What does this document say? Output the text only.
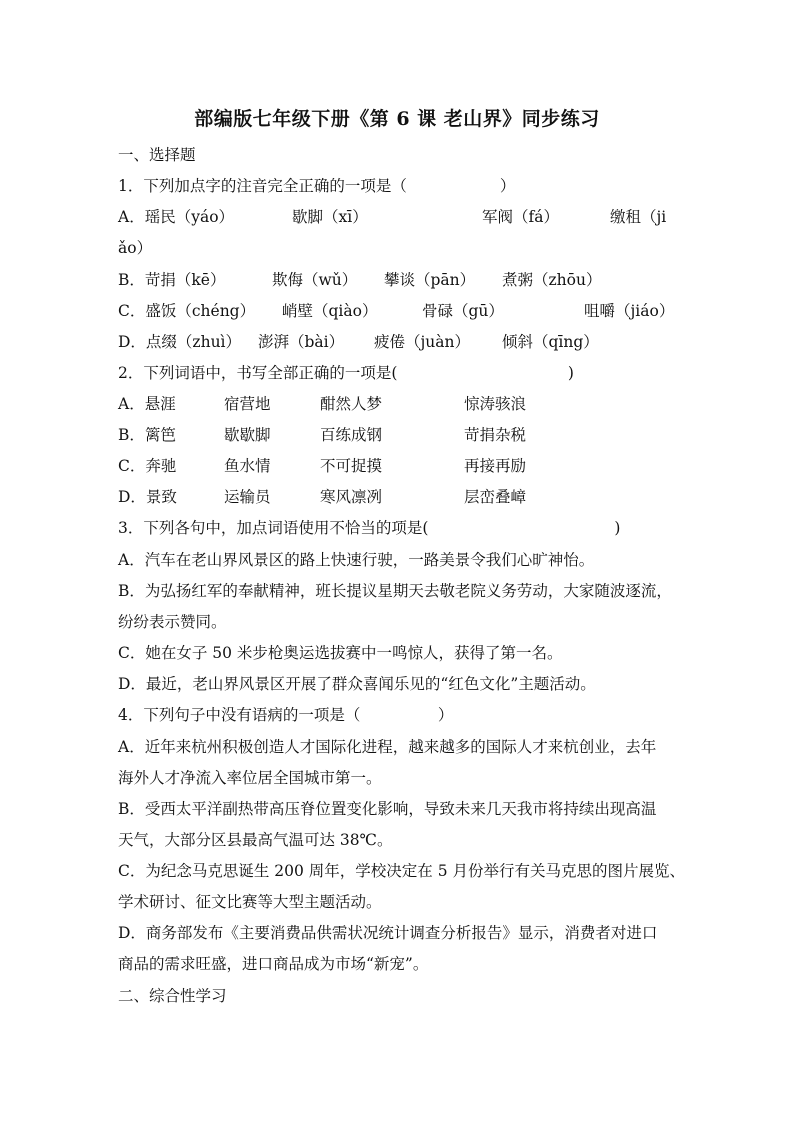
部编版七年级下册《第 6 课 老山界》同步练习
一、选择题
1．下列加点字的注音完全正确的一项是（　　　　　　）
A．瑶民（yáo）	歇脚（xī）	军阀（fá）	缴租（ji
ǎo）
B．苛捐（kē）	欺侮（wǔ） 攀谈（pān） 煮粥（zhōu）
C．盛饭（chéng） 峭壁（qiào）	骨碌（gū）	咀嚼（jiáo）
D．点缀（zhuì） 澎湃（bài） 疲倦（juàn） 倾斜（qīng）
2．下列词语中，书写全部正确的一项是(　　　　　　　　　　　)
A．悬涯	宿营地	酣然人梦	惊涛骇浪
B．篱笆	歇歇脚	百练成钢	苛捐杂税
C．奔驰	鱼水情	不可捉摸	再接再励
D．景致	运输员	寒风凛冽	层峦叠嶂
3．下列各句中，加点词语使用不恰当的项是(　　　　　　　　　　　　)
A．汽车在老山界风景区的路上快速行驶，一路美景令我们心旷神怡。
B．为弘扬红军的奉献精神，班长提议星期天去敬老院义务劳动，大家随波逐流，
纷纷表示赞同。
C．她在女子 50 米步枪奥运选拔赛中一鸣惊人，获得了第一名。
D．最近，老山界风景区开展了群众喜闻乐见的“红色文化”主题活动。
4．下列句子中没有语病的一项是（　　　　　）
A．近年来杭州积极创造人才国际化进程，越来越多的国际人才来杭创业，去年
海外人才净流入率位居全国城市第一。
B．受西太平洋副热带高压脊位置变化影响，导致未来几天我市将持续出现高温
天气，大部分区县最高气温可达 38℃。
C．为纪念马克思诞生 200 周年，学校决定在 5 月份举行有关马克思的图片展览、
学术研讨、征文比赛等大型主题活动。
D．商务部发布《主要消费品供需状况统计调查分析报告》显示，消费者对进口
商品的需求旺盛，进口商品成为市场“新宠”。
二、综合性学习
